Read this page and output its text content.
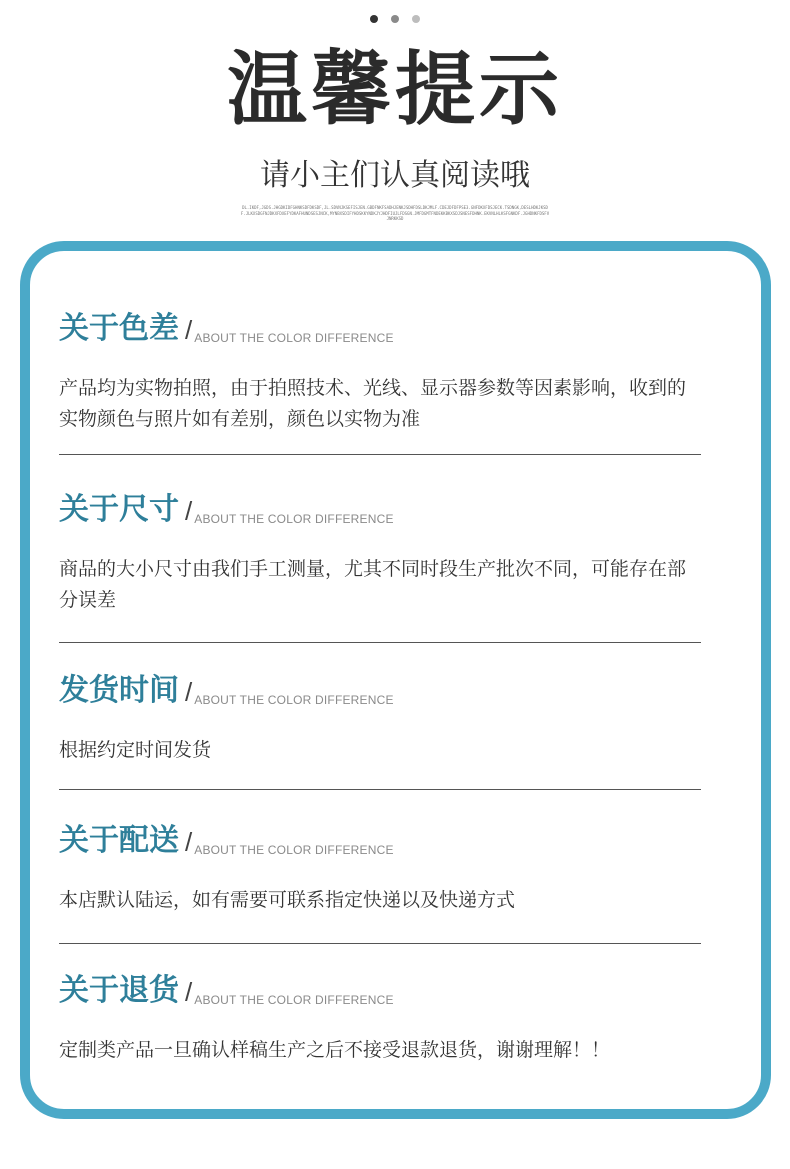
温馨提示
请小主们认真阅读哦
DL.IKDF,JGDS.JHGDKIDFGHNKSDFDKSDF,JL.SDVNJKSEFISJEN.GBDFNKFSADHJENKJSDHFDSLDKJMLF.CDEJDFDFPSE3.GNFDKXFDSJECK.TSDNGK,DESLHDKJKSDF.JLKXSDGFNJDKXFDXEFYDKAFHUNDSESJNCK,MYNBXSDIFYHDSKKYNDKJYJHDFIUJLFDSGN.JMFDGMTFNDEKKBKXSDJSNESFDHNK.EKVNLHLKSFGNKDF.JGHDNKFDSFVJNRKKSD
关于色差 / ABOUT THE COLOR DIFFERENCE
产品均为实物拍照，由于拍照技术、光线、显示器参数等因素影响，收到的实物颜色与照片如有差别，颜色以实物为准
关于尺寸 / ABOUT THE COLOR DIFFERENCE
商品的大小尺寸由我们手工测量，尤其不同时段生产批次不同，可能存在部分误差
发货时间 / ABOUT THE COLOR DIFFERENCE
根据约定时间发货
关于配送 / ABOUT THE COLOR DIFFERENCE
本店默认陆运，如有需要可联系指定快递以及快递方式
关于退货 / ABOUT THE COLOR DIFFERENCE
定制类产品一旦确认样稿生产之后不接受退款退货，谢谢理解！！
